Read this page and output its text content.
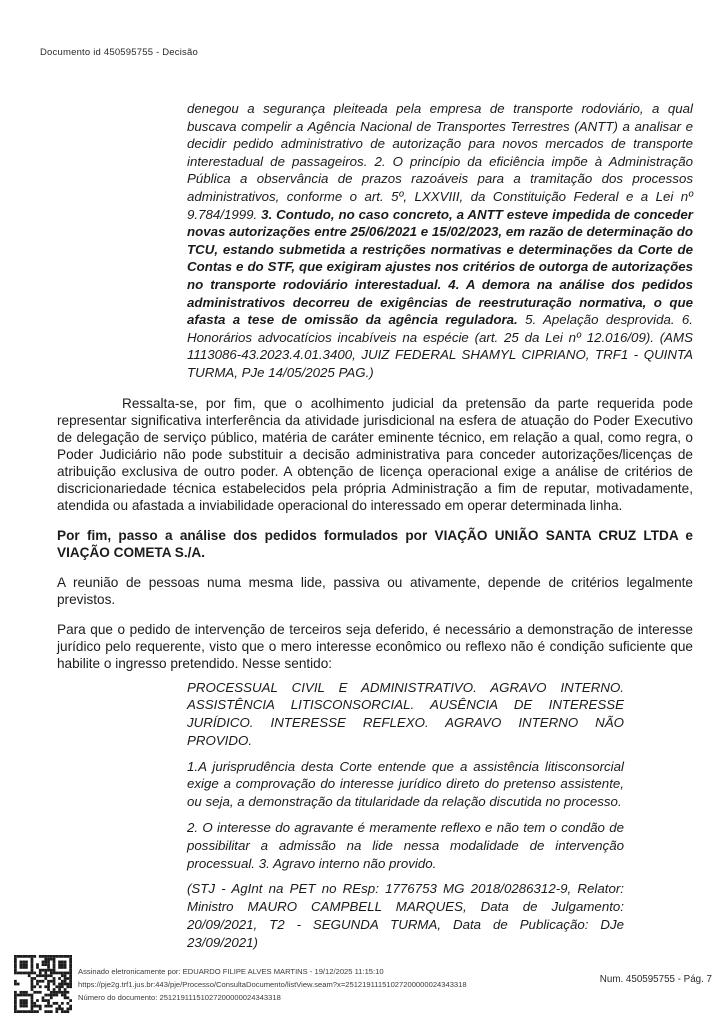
Documento id 450595755 - Decisão

denegou a segurança pleiteada pela empresa de transporte rodoviário, a qual buscava compelir a Agência Nacional de Transportes Terrestres (ANTT) a analisar e decidir pedido administrativo de autorização para novos mercados de transporte interestadual de passageiros. 2. O princípio da eficiência impõe à Administração Pública a observância de prazos razoáveis para a tramitação dos processos administrativos, conforme o art. 5º, LXXVIII, da Constituição Federal e a Lei nº 9.784/1999. 3. Contudo, no caso concreto, a ANTT esteve impedida de conceder novas autorizações entre 25/06/2021 e 15/02/2023, em razão de determinação do TCU, estando submetida a restrições normativas e determinações da Corte de Contas e do STF, que exigiram ajustes nos critérios de outorga de autorizações no transporte rodoviário interestadual. 4. A demora na análise dos pedidos administrativos decorreu de exigências de reestruturação normativa, o que afasta a tese de omissão da agência reguladora. 5. Apelação desprovida. 6. Honorários advocatícios incabíveis na espécie (art. 25 da Lei nº 12.016/09). (AMS 1113086-43.2023.4.01.3400, JUIZ FEDERAL SHAMYL CIPRIANO, TRF1 - QUINTA TURMA, PJe 14/05/2025 PAG.)

Ressalta-se, por fim, que o acolhimento judicial da pretensão da parte requerida pode representar significativa interferência da atividade jurisdicional na esfera de atuação do Poder Executivo de delegação de serviço público, matéria de caráter eminente técnico, em relação a qual, como regra, o Poder Judiciário não pode substituir a decisão administrativa para conceder autorizações/licenças de atribuição exclusiva de outro poder. A obtenção de licença operacional exige a análise de critérios de discricionariedade técnica estabelecidos pela própria Administração a fim de reputar, motivadamente, atendida ou afastada a inviabilidade operacional do interessado em operar determinada linha.

Por fim, passo a análise dos pedidos formulados por VIAÇÃO UNIÃO SANTA CRUZ LTDA e VIAÇÃO COMETA S./A.

A reunião de pessoas numa mesma lide, passiva ou ativamente, depende de critérios legalmente previstos.

Para que o pedido de intervenção de terceiros seja deferido, é necessário a demonstração de interesse jurídico pelo requerente, visto que o mero interesse econômico ou reflexo não é condição suficiente que habilite o ingresso pretendido. Nesse sentido:

PROCESSUAL CIVIL E ADMINISTRATIVO. AGRAVO INTERNO. ASSISTÊNCIA LITISCONSORCIAL. AUSÊNCIA DE INTERESSE JURÍDICO. INTERESSE REFLEXO. AGRAVO INTERNO NÃO PROVIDO.

1.A jurisprudência desta Corte entende que a assistência litisconsorcial exige a comprovação do interesse jurídico direto do pretenso assistente, ou seja, a demonstração da titularidade da relação discutida no processo.

2. O interesse do agravante é meramente reflexo e não tem o condão de possibilitar a admissão na lide nessa modalidade de intervenção processual. 3. Agravo interno não provido.

(STJ - AgInt na PET no REsp: 1776753 MG 2018/0286312-9, Relator: Ministro MAURO CAMPBELL MARQUES, Data de Julgamento: 20/09/2021, T2 - SEGUNDA TURMA, Data de Publicação: DJe 23/09/2021)

Assinado eletronicamente por: EDUARDO FILIPE ALVES MARTINS - 19/12/2025 11:15:10
https://pje2g.trf1.jus.br:443/pje/Processo/ConsultaDocumento/listView.seam?x=25121911151027200000024343318
Número do documento: 25121911151027200000024343318
Num. 450595755 - Pág. 7
